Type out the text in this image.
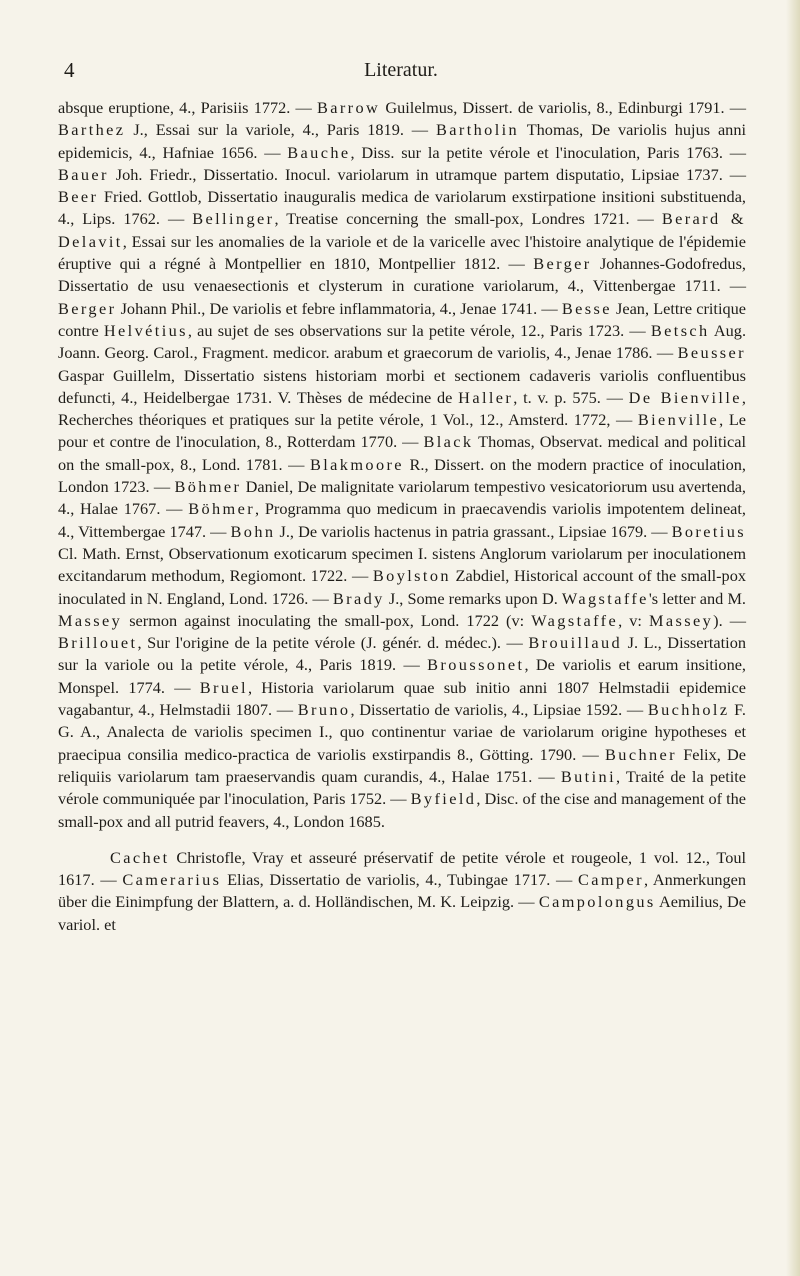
4	Literatur.

absque eruptione, 4., Parisiis 1772. — Barrow Guilelmus, Dissert. de variolis, 8., Edinburgi 1791. — Barthez J., Essai sur la variole, 4., Paris 1819. — Bartholin Thomas, De variolis hujus anni epidemicis, 4., Hafniae 1656. — Bauche, Diss. sur la petite vérole et l'inoculation, Paris 1763. — Bauer Joh. Friedr., Dissertatio. Inocul. variolarum in utramque partem disputatio, Lipsiae 1737. — Beer Fried. Gottlob, Dissertatio inauguralis medica de variolarum exstirpatione insitioni substituenda, 4., Lips. 1762. — Bellinger, Treatise concerning the small-pox, Londres 1721. — Berard & Delavit, Essai sur les anomalies de la variole et de la varicelle avec l'histoire analytique de l'épidemie éruptive qui a régné à Montpellier en 1810, Montpellier 1812. — Berger Johannes-Godofredus, Dissertatio de usu venaesectionis et clysterum in curatione variolarum, 4., Vittenbergae 1711. — Berger Johann Phil., De variolis et febre inflammatoria, 4., Jenae 1741. — Besse Jean, Lettre critique contre Helvétius, au sujet de ses observations sur la petite vérole, 12., Paris 1723. — Betsch Aug. Joann. Georg. Carol., Fragment. medicor. arabum et graecorum de variolis, 4., Jenae 1786. — Beusser Gaspar Guillelm, Dissertatio sistens historiam morbi et sectionem cadaveris variolis confluentibus defuncti, 4., Heidelbergae 1731. V. Thèses de médecine de Haller, t. v. p. 575. — De Bienville, Recherches théoriques et pratiques sur la petite vérole, 1 Vol., 12., Amsterd. 1772, — Bienville, Le pour et contre de l'inoculation, 8., Rotterdam 1770. — Black Thomas, Observat. medical and political on the small-pox, 8., Lond. 1781. — Blakmoore R., Dissert. on the modern practice of inoculation, London 1723. — Böhmer Daniel, De malignitate variolarum tempestivo vesicatoriorum usu avertenda, 4., Halae 1767. — Böhmer, Programma quo medicum in praecavendis variolis impotentem delineat, 4., Vittembergae 1747. — Bohn J., De variolis hactenus in patria grassant., Lipsiae 1679. — Boretius Cl. Math. Ernst, Observationum exoticarum specimen I. sistens Anglorum variolarum per inoculationem excitandarum methodum, Regiomont. 1722. — Boylston Zabdiel, Historical account of the small-pox inoculated in N. England, Lond. 1726. — Brady J., Some remarks upon D. Wagstaffe's letter and M. Massey sermon against inoculating the small-pox, Lond. 1722 (v: Wagstaffe, v: Massey). — Brillouet, Sur l'origine de la petite vérole (J. génér. d. médec.). — Brouillaud J. L., Dissertation sur la variole ou la petite vérole, 4., Paris 1819. — Broussonet, De variolis et earum insitione, Monspel. 1774. — Bruel, Historia variolarum quae sub initio anni 1807 Helmstadii epidemice vagabantur, 4., Helmstadii 1807. — Bruno, Dissertatio de variolis, 4., Lipsiae 1592. — Buchholz F. G. A., Analecta de variolis specimen I., quo continentur variae de variolarum origine hypotheses et praecipua consilia medico-practica de variolis exstirpandis 8., Götting. 1790. — Buchner Felix, De reliquiis variolarum tam praeservandis quam curandis, 4., Halae 1751. — Butini, Traité de la petite vérole communiquée par l'inoculation, Paris 1752. — Byfield, Disc. of the cise and management of the small-pox and all putrid feavers, 4., London 1685.

Cachet Christofle, Vray et asseuré préservatif de petite vérole et rougeole, 1 vol. 12., Toul 1617. — Camerarius Elias, Dissertatio de variolis, 4., Tubingae 1717. — Camper, Anmerkungen über die Einimpfung der Blattern, a. d. Holländischen, M. K. Leipzig. — Campolongus Aemilius, De variol. et
